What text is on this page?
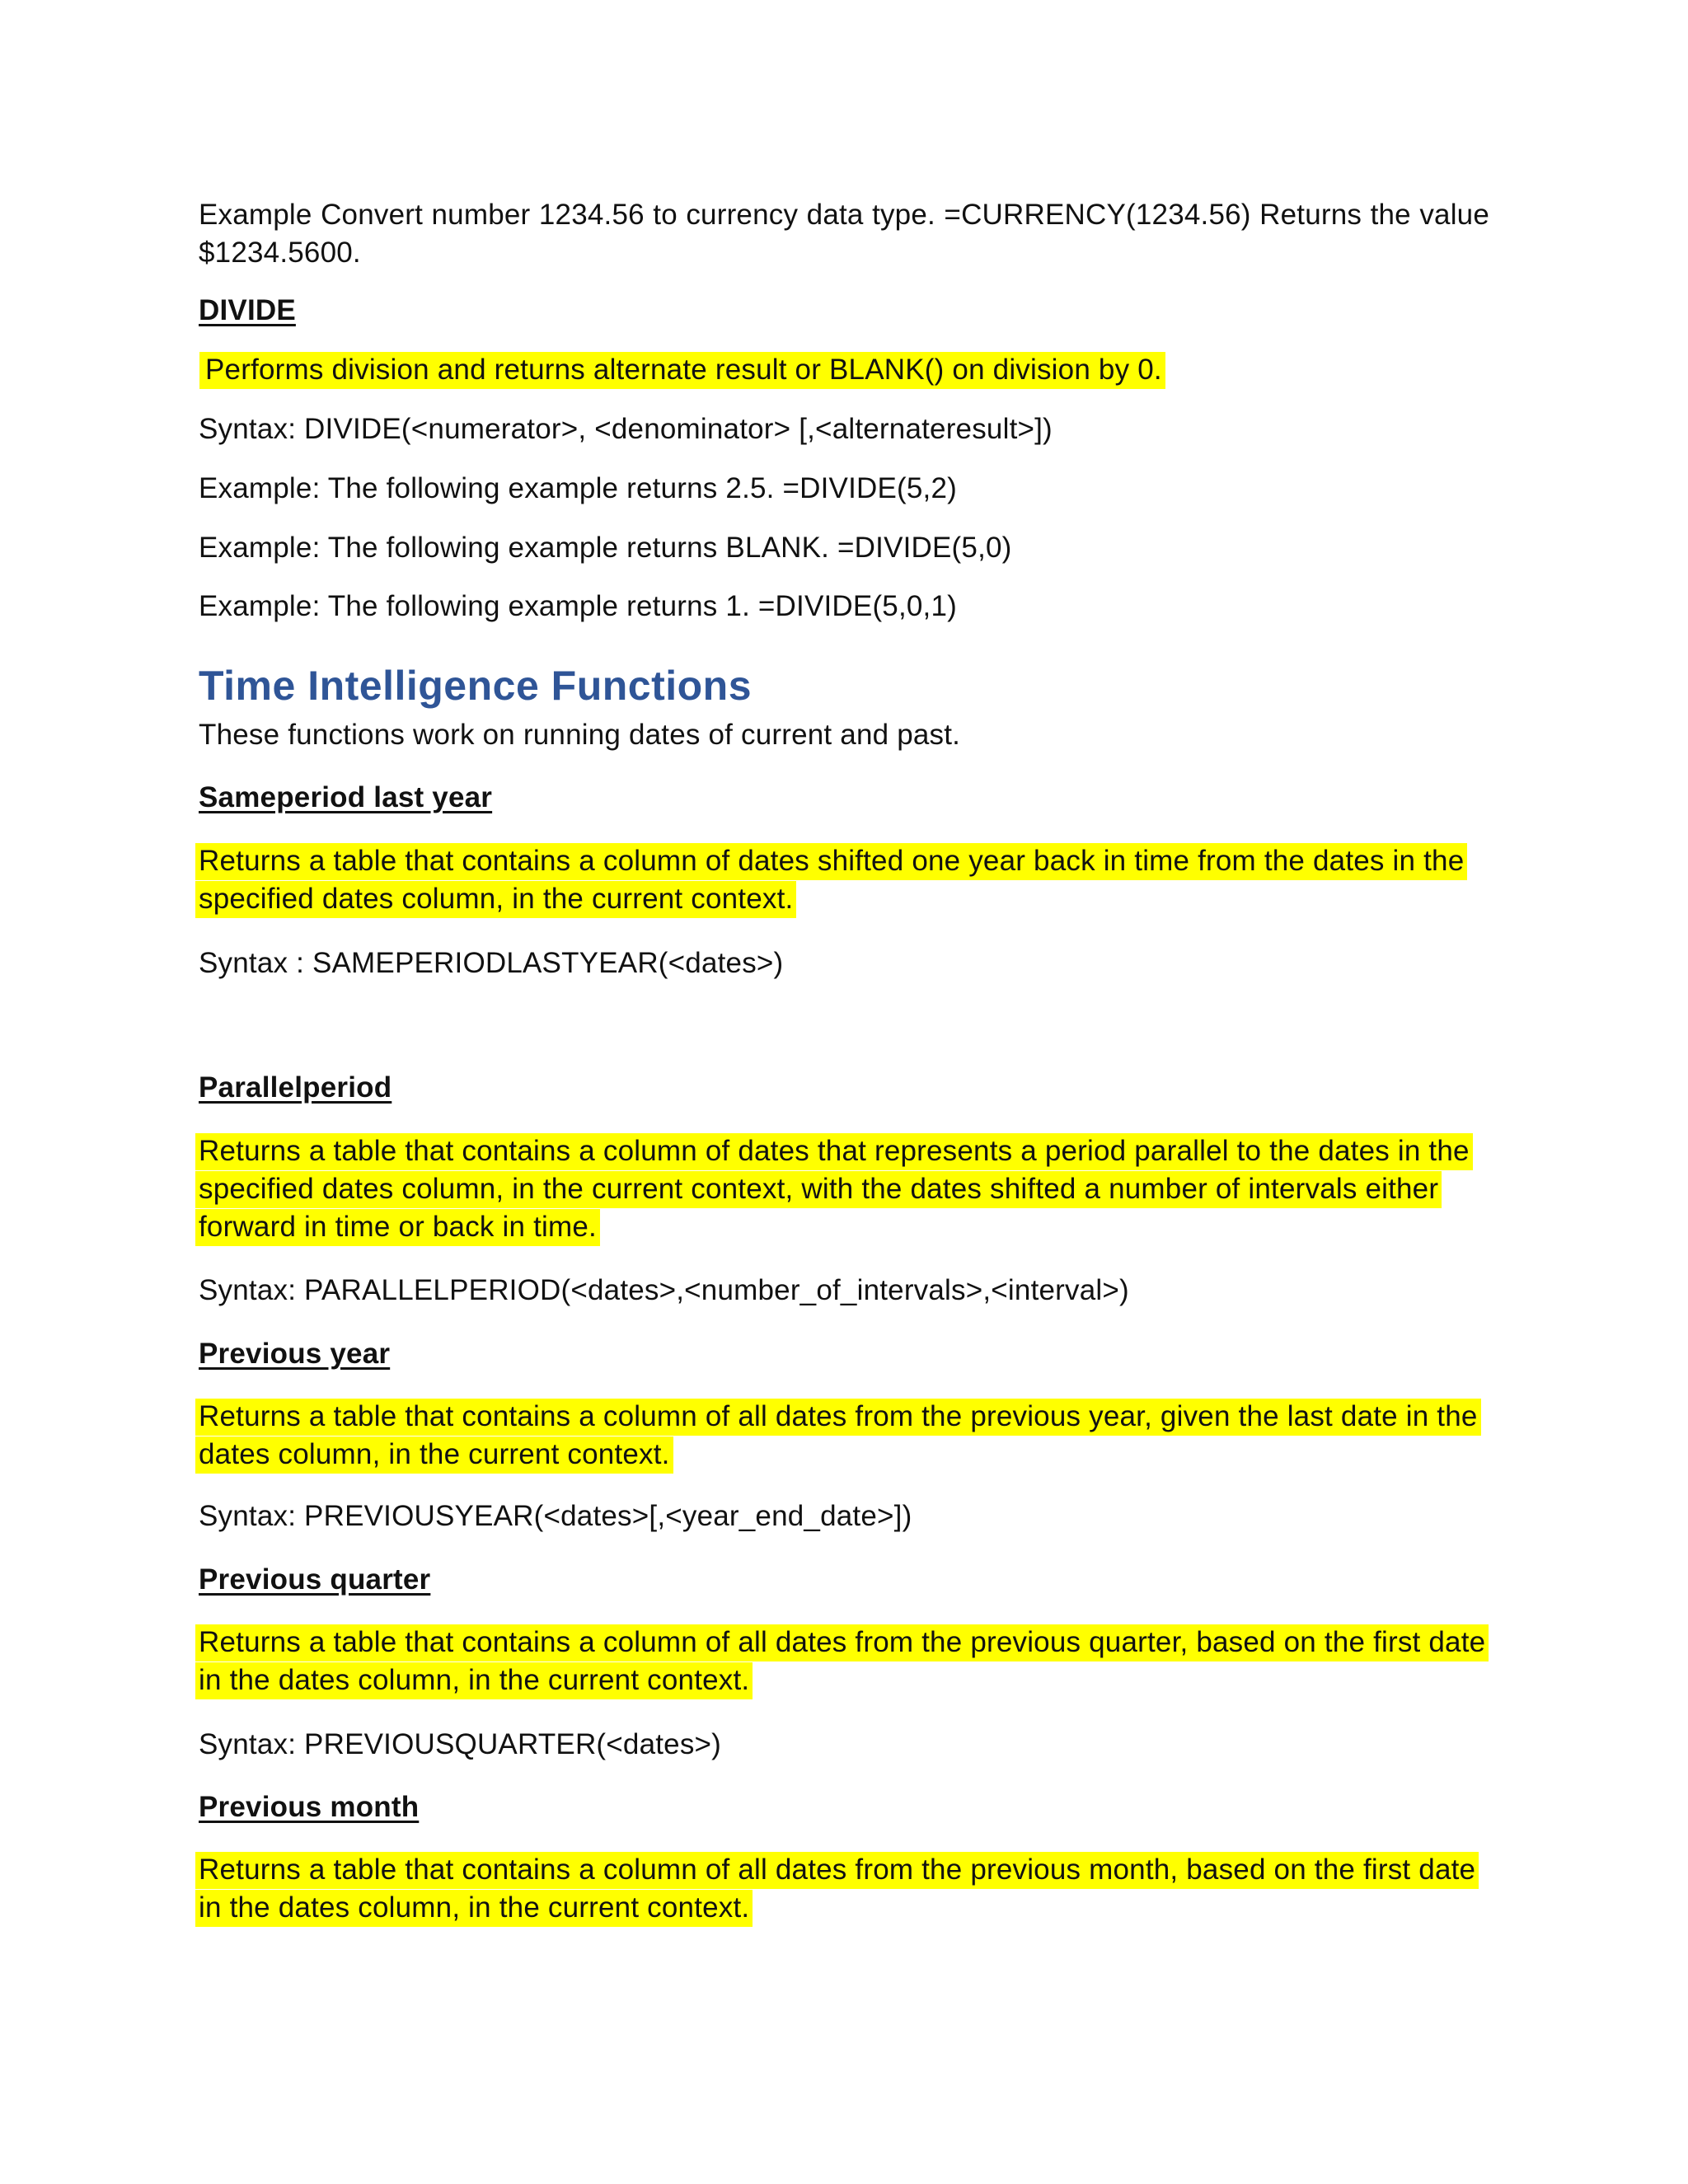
Example Convert number 1234.56 to currency data type. =CURRENCY(1234.56) Returns the value $1234.5600.

DIVIDE

Performs division and returns alternate result or BLANK() on division by 0.

Syntax: DIVIDE(<numerator>, <denominator> [,<alternateresult>])

Example: The following example returns 2.5. =DIVIDE(5,2)

Example: The following example returns BLANK. =DIVIDE(5,0)

Example: The following example returns 1. =DIVIDE(5,0,1)

Time Intelligence Functions

These functions work on running dates of current and past.

Sameperiod last year

Returns a table that contains a column of dates shifted one year back in time from the dates in the specified dates column, in the current context.

Syntax : SAMEPERIODLASTYEAR(<dates>)

Parallelperiod

Returns a table that contains a column of dates that represents a period parallel to the dates in the specified dates column, in the current context, with the dates shifted a number of intervals either forward in time or back in time.

Syntax: PARALLELPERIOD(<dates>,<number_of_intervals>,<interval>)

Previous year

Returns a table that contains a column of all dates from the previous year, given the last date in the dates column, in the current context.

Syntax: PREVIOUSYEAR(<dates>[,<year_end_date>])

Previous quarter

Returns a table that contains a column of all dates from the previous quarter, based on the first date in the dates column, in the current context.

Syntax: PREVIOUSQUARTER(<dates>)

Previous month

Returns a table that contains a column of all dates from the previous month, based on the first date in the dates column, in the current context.
